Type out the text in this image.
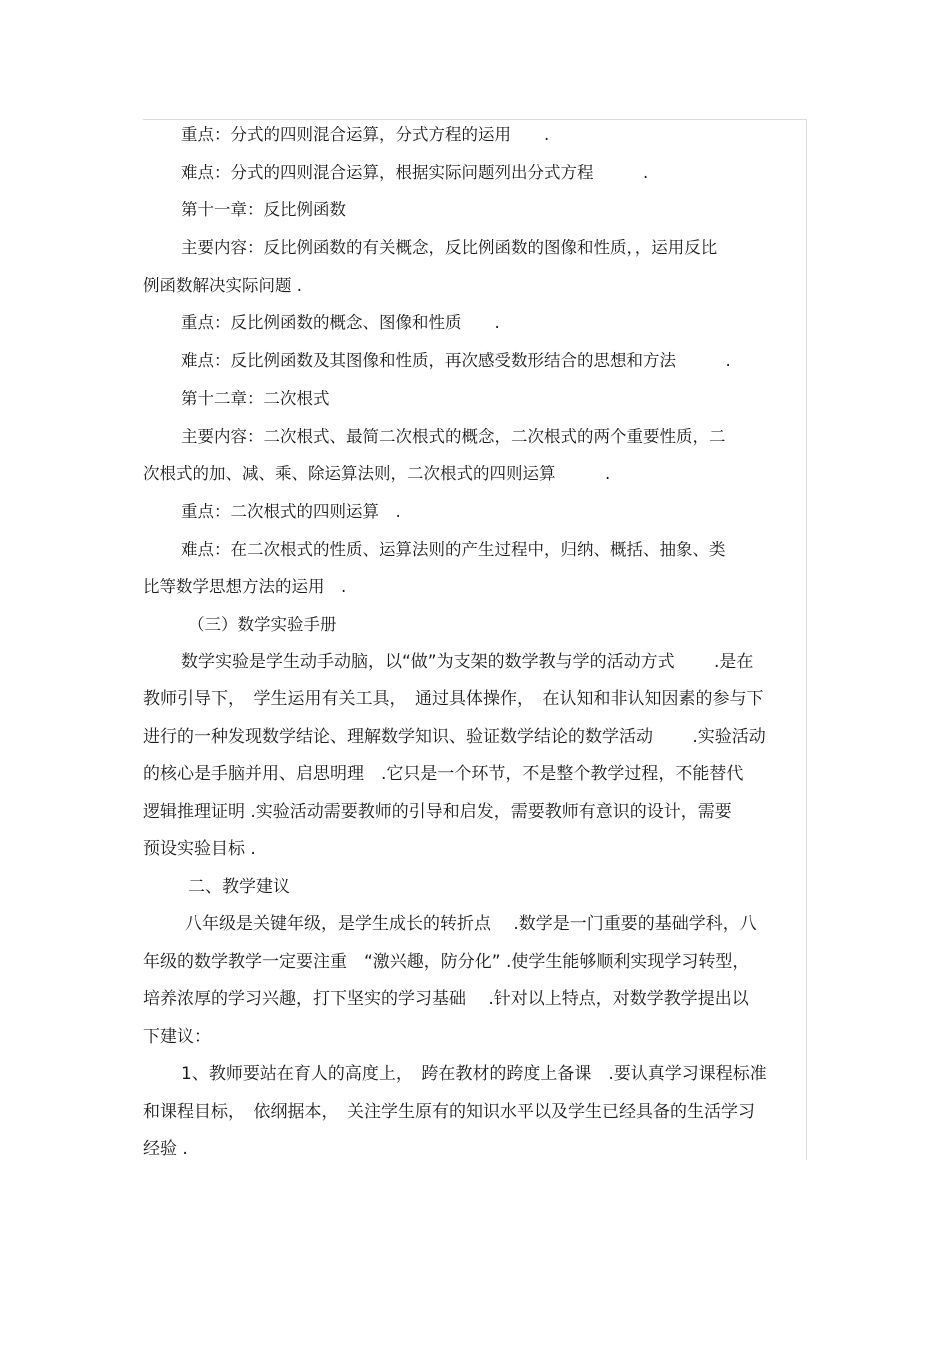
重点：分式的四则混合运算，分式方程的运用　　.
难点：分式的四则混合运算，根据实际问题列出分式方程　　　.
第十一章：反比例函数
主要内容：反比例函数的有关概念，反比例函数的图像和性质，，运用反比
例函数解决实际问题 .
重点：反比例函数的概念、图像和性质　　.
难点：反比例函数及其图像和性质，再次感受数形结合的思想和方法　　　.
第十二章：二次根式
主要内容：二次根式、最简二次根式的概念，二次根式的两个重要性质，二
次根式的加、减、乘、除运算法则，二次根式的四则运算　　　.
重点：二次根式的四则运算　.
难点：在二次根式的性质、运算法则的产生过程中，归纳、概括、抽象、类
比等数学思想方法的运用　.
（三）数学实验手册
数学实验是学生动手动脑，以“做”为支架的数学教与学的活动方式　　 .是在
教师引导下，　学生运用有关工具，　通过具体操作，　在认知和非认知因素的参与下
进行的一种发现数学结论、理解数学知识、验证数学结论的数学活动　　 .实验活动
的核心是手脑并用、启思明理　.它只是一个环节，不是整个教学过程，不能替代
逻辑推理证明 .实验活动需要教师的引导和启发，需要教师有意识的设计，需要
预设实验目标 .
二、教学建议
八年级是关键年级，是学生成长的转折点　 .数学是一门重要的基础学科，八
年级的数学教学一定要注重　“激兴趣，防分化” .使学生能够顺利实现学习转型，
培养浓厚的学习兴趣，打下坚实的学习基础　 .针对以上特点，对数学教学提出以
下建议：
1、教师要站在育人的高度上，　跨在教材的跨度上备课　.要认真学习课程标准
和课程目标，　依纲据本，　关注学生原有的知识水平以及学生已经具备的生活学习
经验 .
